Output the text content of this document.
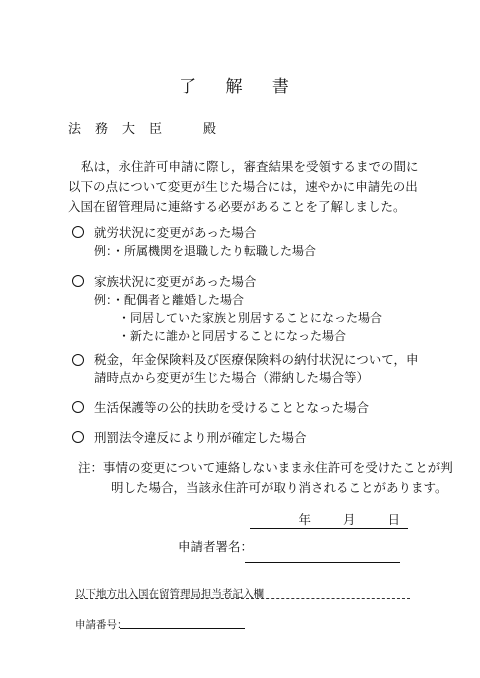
了 解 書
法務大臣　殿
私は，永住許可申請に際し，審査結果を受領するまでの間に以下の点について変更が生じた場合には，速やかに申請先の出入国在留管理局に連絡する必要があることを了解しました。
就労状況に変更があった場合
例：・所属機関を退職したり転職した場合
家族状況に変更があった場合
例：・配偶者と離婚した場合
・同居していた家族と別居することになった場合
・新たに誰かと同居することになった場合
税金，年金保険料及び医療保険料の納付状況について，申請時点から変更が生じた場合（滞納した場合等）
生活保護等の公的扶助を受けることとなった場合
刑罰法令違反により刑が確定した場合
注：事情の変更について連絡しないまま永住許可を受けたことが判明した場合，当該永住許可が取り消されることがあります。
年	月	日
申請者署名：
以下地方出入国在留管理局担当者記入欄
申請番号：
